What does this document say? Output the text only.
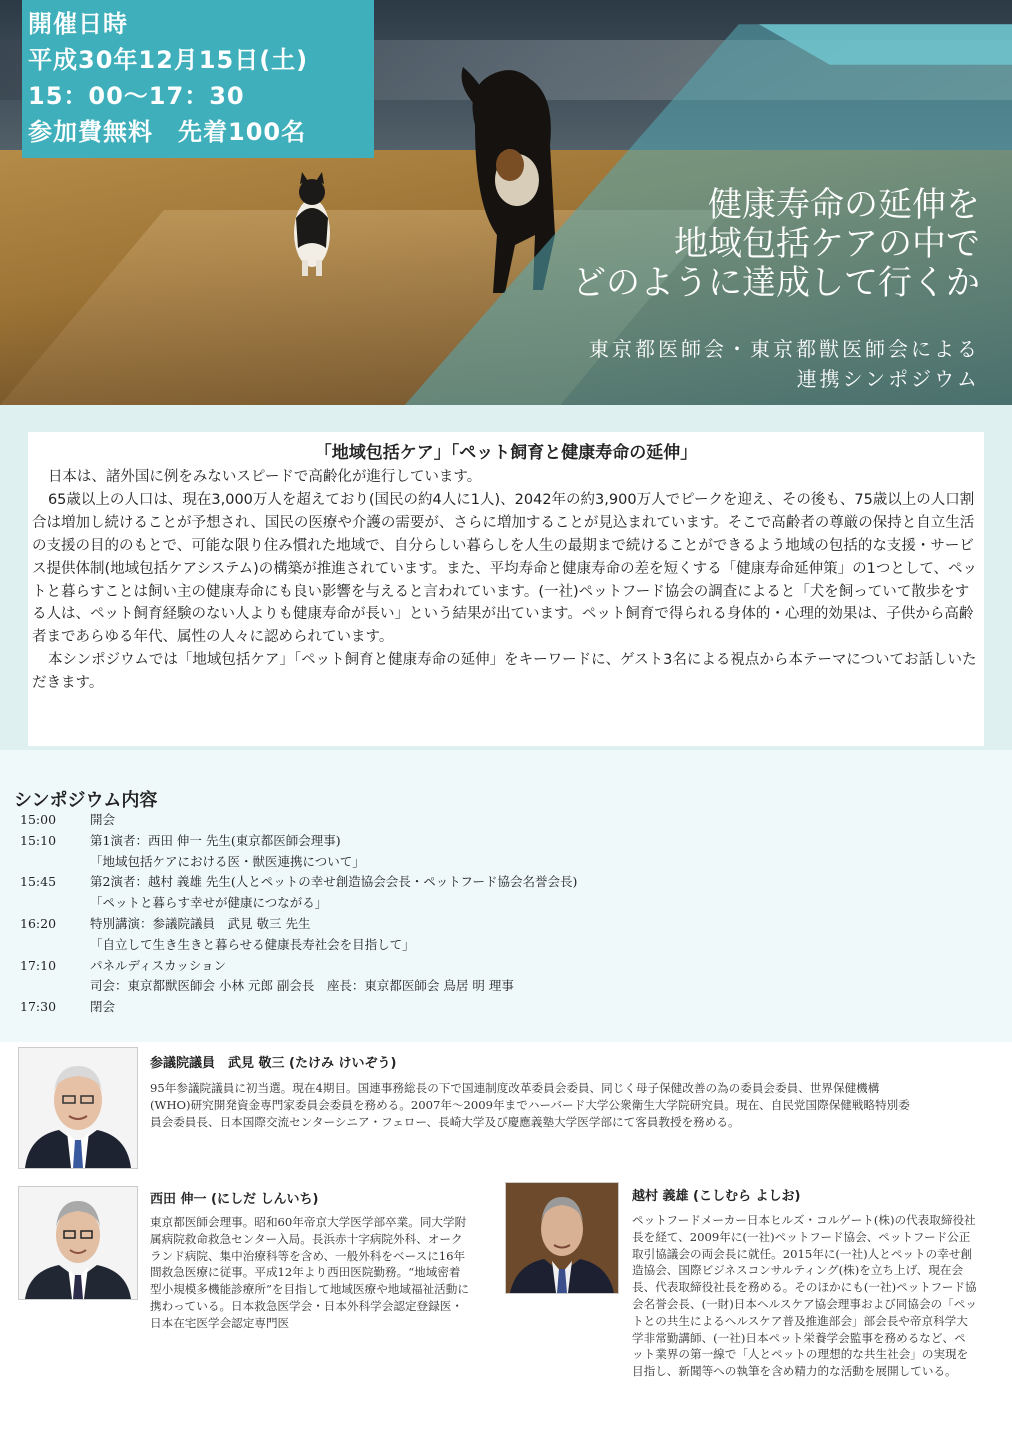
開催日時
平成30年12月15日(土)
15：00〜17：30
参加費無料　先着100名
健康寿命の延伸を
地域包括ケアの中で
どのように達成して行くか
東京都医師会・東京都獣医師会による
連携シンポジウム
「地域包括ケア」「ペット飼育と健康寿命の延伸」

日本は、諸外国に例をみないスピードで高齢化が進行しています。

65歳以上の人口は、現在3,000万人を超えており(国民の約4人に1人)、2042年の約3,900万人でピークを迎え、その後も、75歳以上の人口割合は増加し続けることが予想され、国民の医療や介護の需要が、さらに増加することが見込まれています。そこで高齢者の尊厳の保持と自立生活の支援の目的のもとで、可能な限り住み慣れた地域で、自分らしい暮らしを人生の最期まで続けることができるよう地域の包括的な支援・サービス提供体制(地域包括ケアシステム)の構築が推進されています。また、平均寿命と健康寿命の差を短くする「健康寿命延伸策」の1つとして、ペットと暮らすことは飼い主の健康寿命にも良い影響を与えると言われています。(一社)ペットフード協会の調査によると「犬を飼っていて散歩をする人は、ペット飼育経験のない人よりも健康寿命が長い」という結果が出ています。ペット飼育で得られる身体的・心理的効果は、子供から高齢者まであらゆる年代、属性の人々に認められています。

本シンポジウムでは「地域包括ケア」「ペット飼育と健康寿命の延伸」をキーワードに、ゲスト3名による視点から本テーマについてお話しいただきます。

シンポジウム内容
15:00	開会
15:10	第1演者：西田 伸一 先生(東京都医師会理事)
「地域包括ケアにおける医・獣医連携について」
15:45	第2演者：越村 義雄 先生(人とペットの幸せ創造協会会長・ペットフード協会名誉会長)
「ペットと暮らす幸せが健康につながる」
16:20	特別講演：参議院議員　武見 敬三 先生
「自立して生き生きと暮らせる健康長寿社会を目指して」
17:10	パネルディスカッション
司会：東京都獣医師会 小林 元郎 副会長　座長：東京都医師会 鳥居 明 理事
17:30	閉会
参議院議員　武見 敬三 (たけみ けいぞう)
95年参議院議員に初当選。現在4期目。国連事務総長の下で国連制度改革委員会委員、同じく母子保健改善の為の委員会委員、世界保健機構(WHO)研究開発資金専門家委員会委員を務める。2007年〜2009年までハーバード大学公衆衛生大学院研究員。現在、自民党国際保健戦略特別委員会委員長、日本国際交流センターシニア・フェロー、長崎大学及び慶應義塾大学医学部にて客員教授を務める。
西田 伸一 (にしだ しんいち)
東京都医師会理事。昭和60年帝京大学医学部卒業。同大学附属病院救命救急センター入局。長浜赤十字病院外科、オークランド病院、集中治療科等を含め、一般外科をベースに16年間救急医療に従事。平成12年より西田医院勤務。“地域密着型小規模多機能診療所”を目指して地域医療や地域福祉活動に携わっている。日本救急医学会・日本外科学会認定登録医・日本在宅医学会認定専門医
越村 義雄 (こしむら よしお)
ペットフードメーカー日本ヒルズ・コルゲート(株)の代表取締役社長を経て、2009年に(一社)ペットフード協会、ペットフード公正取引協議会の両会長に就任。2015年に(一社)人とペットの幸せ創造協会、国際ビジネスコンサルティング(株)を立ち上げ、現在会長、代表取締役社長を務める。そのほかにも(一社)ペットフード協会名誉会長、(一財)日本ヘルスケア協会理事および同協会の「ペットとの共生によるヘルスケア普及推進部会」部会長や帝京科学大学非常勤講師、(一社)日本ペット栄養学会監事を務めるなど、ペット業界の第一線で「人とペットの理想的な共生社会」の実現を目指し、新聞等への執筆を含め精力的な活動を展開している。
